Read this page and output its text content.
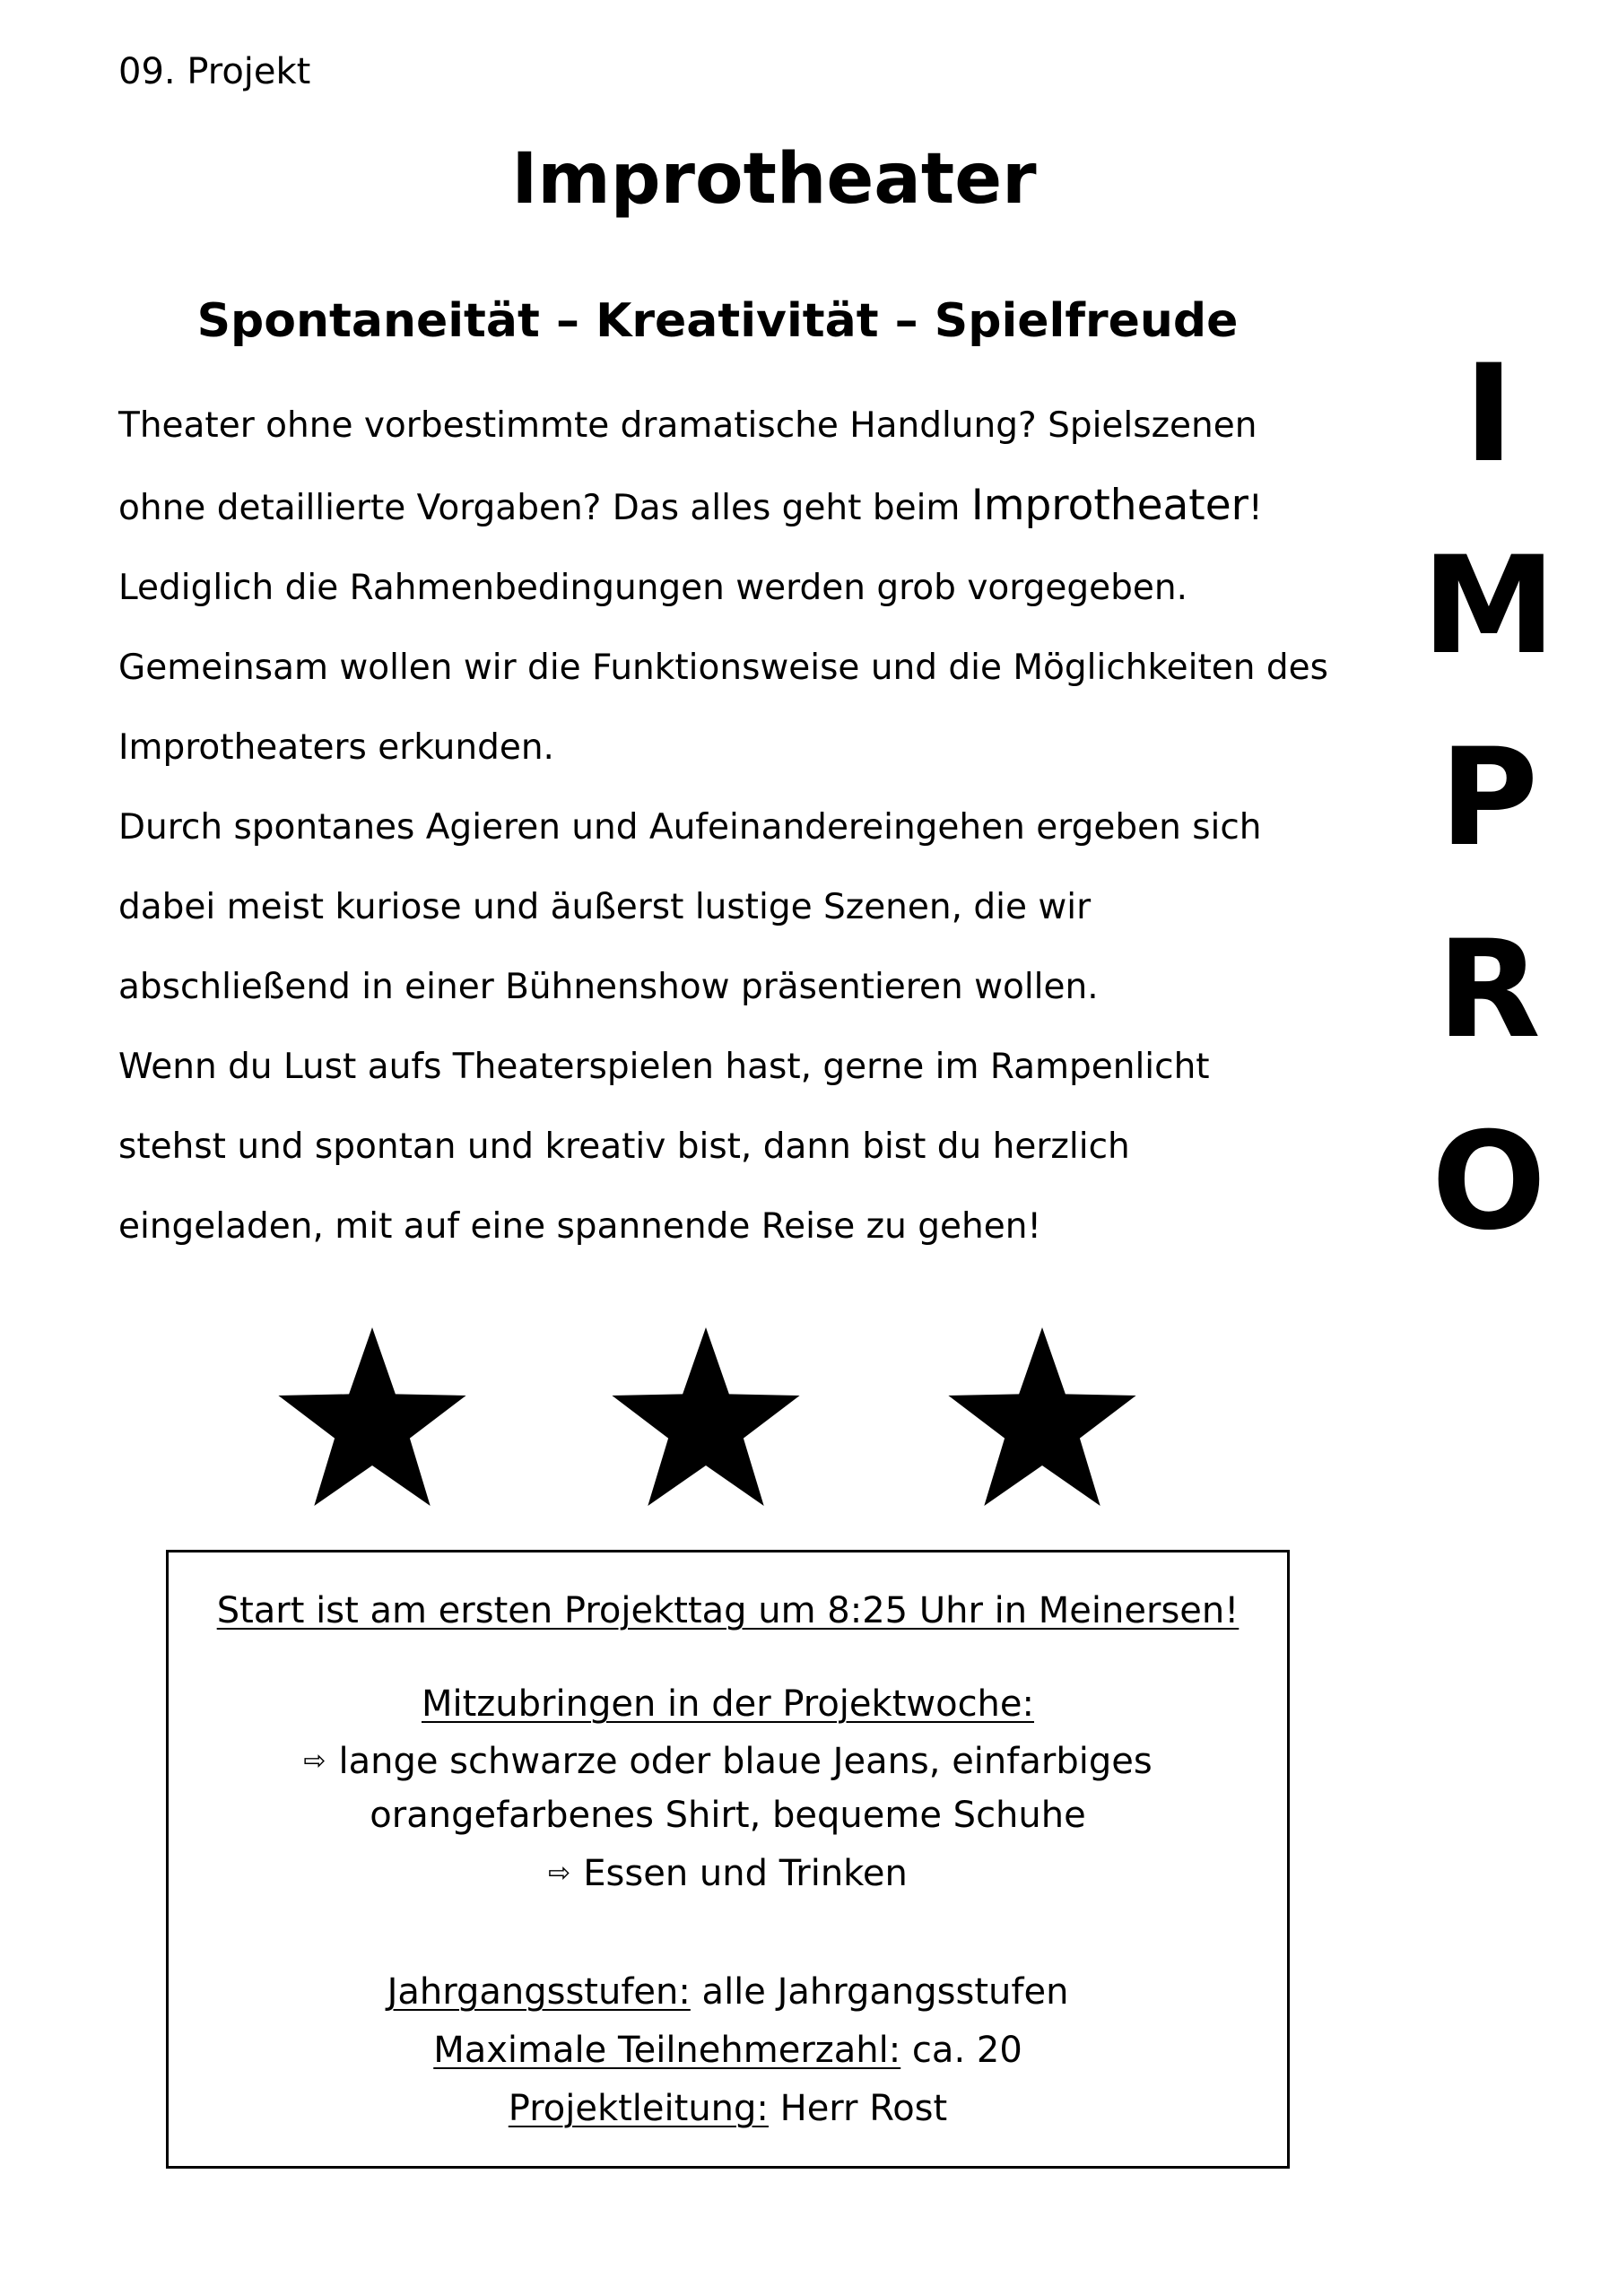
09. Projekt
Improtheater
Spontaneität – Kreativität – Spielfreude
Theater ohne vorbestimmte dramatische Handlung? Spielszenen
ohne detaillierte Vorgaben? Das alles geht beim Improtheater!
Lediglich die Rahmenbedingungen werden grob vorgegeben.
Gemeinsam wollen wir die Funktionsweise und die Möglichkeiten des
Improtheaters erkunden.
Durch spontanes Agieren und Aufeinandereingehen ergeben sich
dabei meist kuriose und äußerst lustige Szenen, die wir
abschließend in einer Bühnenshow präsentieren wollen.
Wenn du Lust aufs Theaterspielen hast, gerne im Rampenlicht
stehst und spontan und kreativ bist, dann bist du herzlich
eingeladen, mit auf eine spannende Reise zu gehen!
I
M
P
R
O
Start ist am ersten Projekttag um 8:25 Uhr in Meinersen!
Mitzubringen in der Projektwoche:
⇨ lange schwarze oder blaue Jeans, einfarbiges
orangefarbenes Shirt, bequeme Schuhe
⇨ Essen und Trinken
Jahrgangsstufen: alle Jahrgangsstufen
Maximale Teilnehmerzahl: ca. 20
Projektleitung: Herr Rost
